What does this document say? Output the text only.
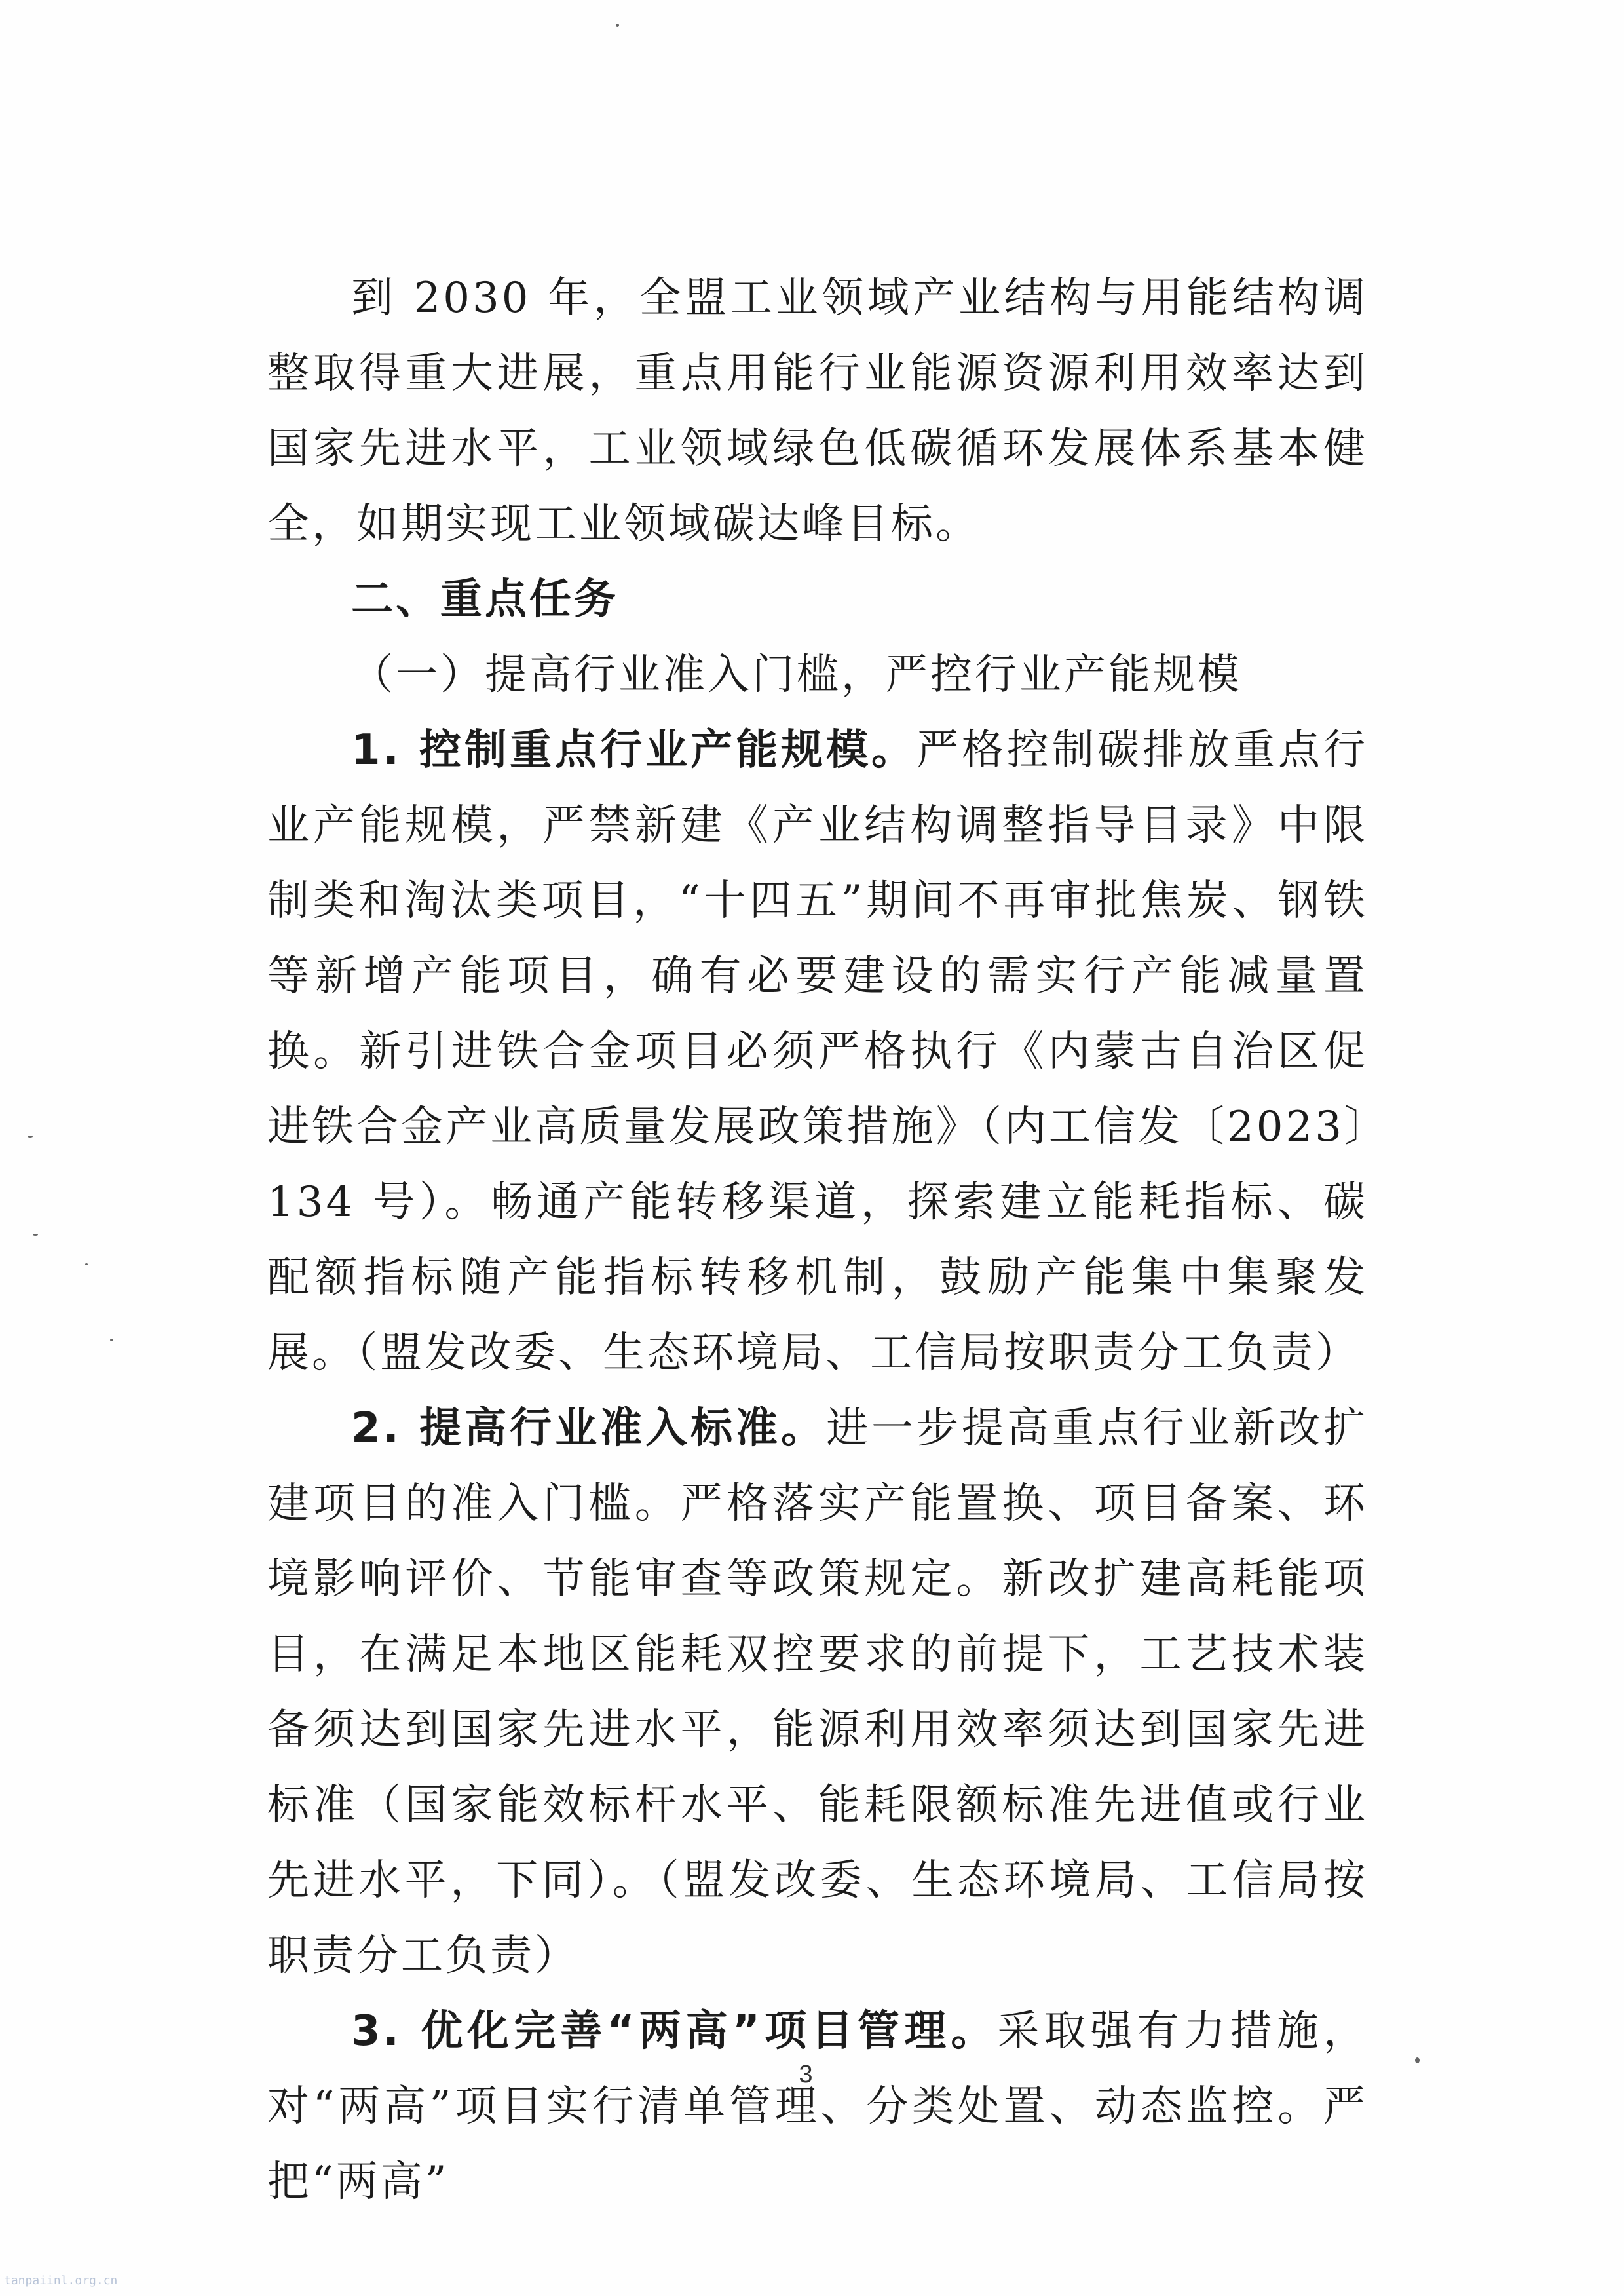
到 2030 年，全盟工业领域产业结构与用能结构调整取得重大进展，重点用能行业能源资源利用效率达到国家先进水平，工业领域绿色低碳循环发展体系基本健全，如期实现工业领域碳达峰目标。

二、重点任务

（一）提高行业准入门槛，严控行业产能规模

1. 控制重点行业产能规模。严格控制碳排放重点行业产能规模，严禁新建《产业结构调整指导目录》中限制类和淘汰类项目，“十四五”期间不再审批焦炭、钢铁等新增产能项目，确有必要建设的需实行产能减量置换。新引进铁合金项目必须严格执行《内蒙古自治区促进铁合金产业高质量发展政策措施》（内工信发〔2023〕134 号）。畅通产能转移渠道，探索建立能耗指标、碳配额指标随产能指标转移机制，鼓励产能集中集聚发展。（盟发改委、生态环境局、工信局按职责分工负责）

2. 提高行业准入标准。进一步提高重点行业新改扩建项目的准入门槛。严格落实产能置换、项目备案、环境影响评价、节能审查等政策规定。新改扩建高耗能项目，在满足本地区能耗双控要求的前提下，工艺技术装备须达到国家先进水平，能源利用效率须达到国家先进标准（国家能效标杆水平、能耗限额标准先进值或行业先进水平，下同）。（盟发改委、生态环境局、工信局按职责分工负责）

3. 优化完善“两高”项目管理。采取强有力措施，对“两高”项目实行清单管理、分类处置、动态监控。严把“两高”

3
tanpaiinl.org.cn
